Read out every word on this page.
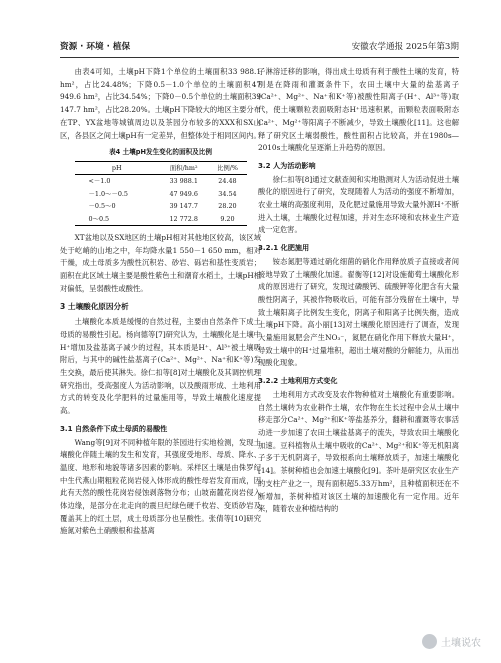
资源 · 环境 · 植保	安徽农学通报 2025年第3期

由表4可知，土壤pH下降1个单位的土壤面积33 988.1 hm²，占比24.48%；下降0.5－1.0个单位的土壤面积47 949.6 hm²，占比34.54%；下降0－0.5个单位的土壤面积39 147.7 hm²，占比28.20%。土壤pH下降较大的地区主要分布在TP、YX盆地等城镇周边以及茶园分布较多的XXX和SX山区，各县区之间土壤pH有一定差异，但整体处于相同区间内。

表4 土壤pH发生变化的面积及比例
pH	面积/hm²	比例/%
<－1.0	33 988.1	24.48
－1.0～－0.5	47 949.6	34.54
－0.5～0	39 147.7	28.20
0～0.5	12 772.8	9.20

XT盆地以及SX地区的土壤pH相对其他地区较高，该区域处于屹峭的山地之中，年均降水量1 550－1 650 mm，相对干燥，成土母质多为酸性沉积岩、砂岩、砾岩和基性变质岩；面积在此区域土壤主要是酸性紫色土和潮育水稻土，土壤pH相对偏低，呈弱酸性或酸性。

3 土壤酸化原因分析

土壤酸化本质是缓慢的自然过程，主要由自然条件下成土母质的易酸性引起。杨向德等[7]研究认为，土壤酸化是土壤中H⁺增加及盐基离子减少的过程，其本质是H⁺、Al³⁺被土壤吸附后，与其中的碱性盐基离子(Ca²⁺、Mg²⁺、Na⁺和K⁺等)发生交换，最后使其淋失。徐仁扣等[8]对土壤酸化及其调控机理研究指出，受高强度人为活动影响，以及酸雨形成、土地利用方式的转变及化学肥料的过量施用等，导致土壤酸化速度提高。

3.1 自然条件下成土母质的易酸性

Wang等[9]对不同种植年限的茶园进行实地检测，发现土壤酸化伴随土壤的发生和发育，其强度受地形、母质、降水、温度、地形和地貌等诸多因素的影响。采样区土壤是由侏罗纪中生代燕山期粗粒花岗岩侵入体形成的酸性母岩发育而成，因此有天然的酸性花岗岩侵蚀剥落物分布；山坡南麓花岗岩侵入体边缘，是部分在北走向的震旦纪绿色硬千枚岩、变质砂岩及覆盖其上的红土层，成土母质部分也呈酸性。张倩等[10]研究施氮对紫色土硝酸根和盐基离

子淋溶迁移的影响，得出成土母质有利于酸性土壤的发育，特别是在降雨和灌溉条件下，农田土壤中大量的盐基离子(Ca²⁺、Mg²⁺、Na⁺和K⁺等)被酸性阳离子(H⁺、Al³⁺等)取代，使土壤颗粒表面吸附态H⁺迅速积累，而颗粒表面吸附态Ca²⁺、Mg²⁺等阳离子不断减少，导致土壤酸化[11]。这也解释了研究区土壤弱酸性，酸性面积占比较高，并在1980s—2010s土壤酸化呈逐渐上升趋势的原因。

3.2 人为活动影响

徐仁扣等[8]通过文献查阅和实地勘测对人为活动促进土壤酸化的原因进行了研究，发现随着人为活动的强度不断增加，农业土壤的高强度利用，及化肥过量施用导致大量外源H⁺不断进入土壤，土壤酸化过程加速，并对生态环境和农林业生产造成一定危害。

3.2.1 化肥施用

铵态氮肥等通过硝化细菌的硝化作用释放质子直接或者间接地导致了土壤酸化加速。翟衡等[12]对设施葡萄土壤酸化形成的原因进行了研究，发现过磷酸钙、硫酸钾等化肥含有大量酸性阴离子，其被作物吸收后，可能有部分残留在土壤中，导致土壤阳离子比例发生变化，阴离子和阳离子比例失衡，造成土壤pH下降。高小丽[13]对土壤酸化原因进行了调查，发现大量施用氮肥会产生NO₃⁻，氮肥在硝化作用下释放大量H⁺，导致土壤中的H⁺过量堆积，超出土壤对酸的分解能力，从而出现酸化现象。

3.2.2 土地利用方式变化

土地利用方式改变及农作物种植对土壤酸化有重要影响。自然土壤转为农业耕作土壤，农作物在生长过程中会从土壤中移走部分Ca²⁺、Mg²⁺和K⁺等盐基养分，翻耕和灌溉等农事活动进一步加速了农田土壤盐基离子的流失，导致农田土壤酸化加速。豆科植物从土壤中吸收的Ca²⁺、Mg²⁺和K⁺等无机阳离子多于无机阴离子，导致根系向土壤释放质子，加速土壤酸化[14]。茶树种植也会加速土壤酸化[9]。茶叶是研究区农业生产的支柱产业之一，现有面积超5.33万hm²，且种植面积还在不断增加，茶树种植对该区土壤的加速酸化有一定作用。近年来，随着农业种植结构的

土壤说农
